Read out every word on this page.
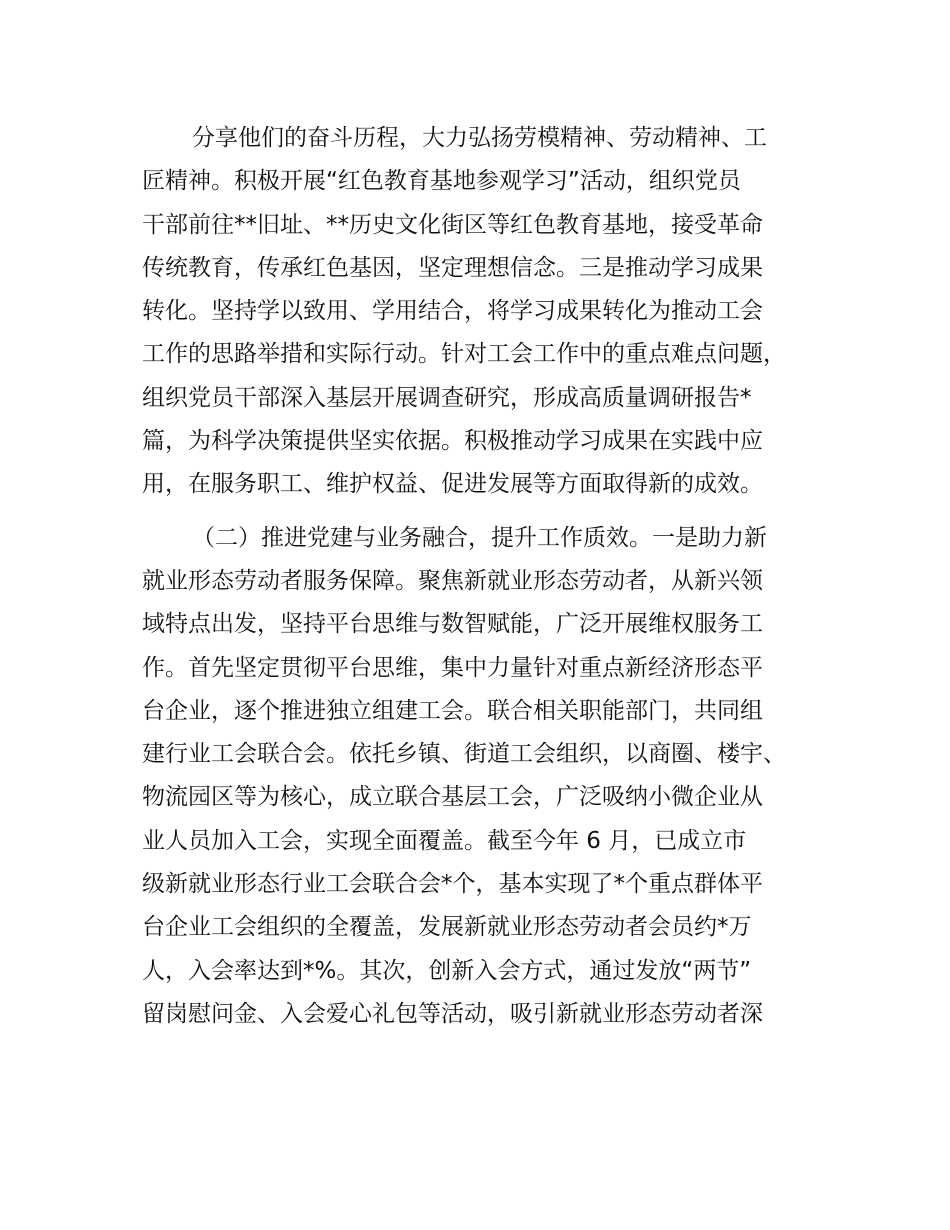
分享他们的奋斗历程，大力弘扬劳模精神、劳动精神、工
匠精神。积极开展“红色教育基地参观学习”活动，组织党员
干部前往**旧址、**历史文化街区等红色教育基地，接受革命
传统教育，传承红色基因，坚定理想信念。三是推动学习成果
转化。坚持学以致用、学用结合，将学习成果转化为推动工会
工作的思路举措和实际行动。针对工会工作中的重点难点问题，
组织党员干部深入基层开展调查研究，形成高质量调研报告*
篇，为科学决策提供坚实依据。积极推动学习成果在实践中应
用，在服务职工、维护权益、促进发展等方面取得新的成效。
（二）推进党建与业务融合，提升工作质效。一是助力新
就业形态劳动者服务保障。聚焦新就业形态劳动者，从新兴领
域特点出发，坚持平台思维与数智赋能，广泛开展维权服务工
作。首先坚定贯彻平台思维，集中力量针对重点新经济形态平
台企业，逐个推进独立组建工会。联合相关职能部门，共同组
建行业工会联合会。依托乡镇、街道工会组织，以商圈、楼宇、
物流园区等为核心，成立联合基层工会，广泛吸纳小微企业从
业人员加入工会，实现全面覆盖。截至今年 6 月，已成立市
级新就业形态行业工会联合会*个，基本实现了*个重点群体平
台企业工会组织的全覆盖，发展新就业形态劳动者会员约*万
人，入会率达到*%。其次，创新入会方式，通过发放“两节”
留岗慰问金、入会爱心礼包等活动，吸引新就业形态劳动者深
